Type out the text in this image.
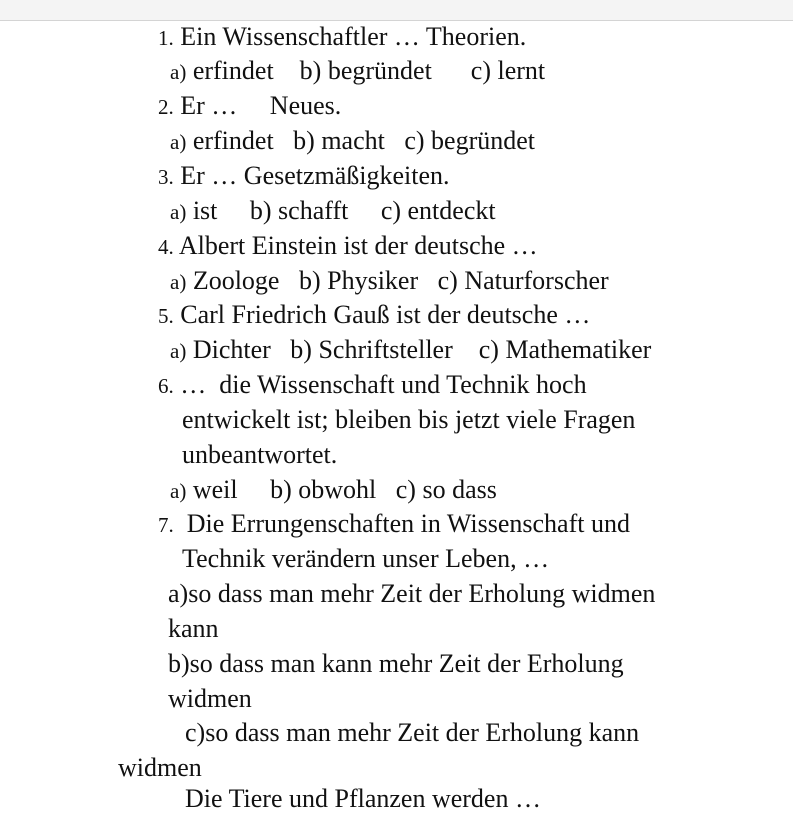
1. Ein Wissenschaftler … Theorien.
a) erfindet    b) begründet      c) lernt
2. Er …     Neues.
a) erfindet   b) macht   c) begründet
3. Er … Gesetzmäßigkeiten.
a) ist     b) schafft     c) entdeckt
4. Albert Einstein ist der deutsche …
a) Zoologe   b) Physiker   c) Naturforscher
5. Carl Friedrich Gauß ist der deutsche …
a) Dichter   b) Schriftsteller    c) Mathematiker
6. …  die Wissenschaft und Technik hoch
entwickelt ist; bleiben bis jetzt viele Fragen
unbeantwortet.
a) weil     b) obwohl   c) so dass
7.  Die Errungenschaften in Wissenschaft und
Technik verändern unser Leben, …
a)so dass man mehr Zeit der Erholung widmen
kann
b)so dass man kann mehr Zeit der Erholung
widmen
c)so dass man mehr Zeit der Erholung kann
widmen
Die Tiere und Pflanzen werden …
